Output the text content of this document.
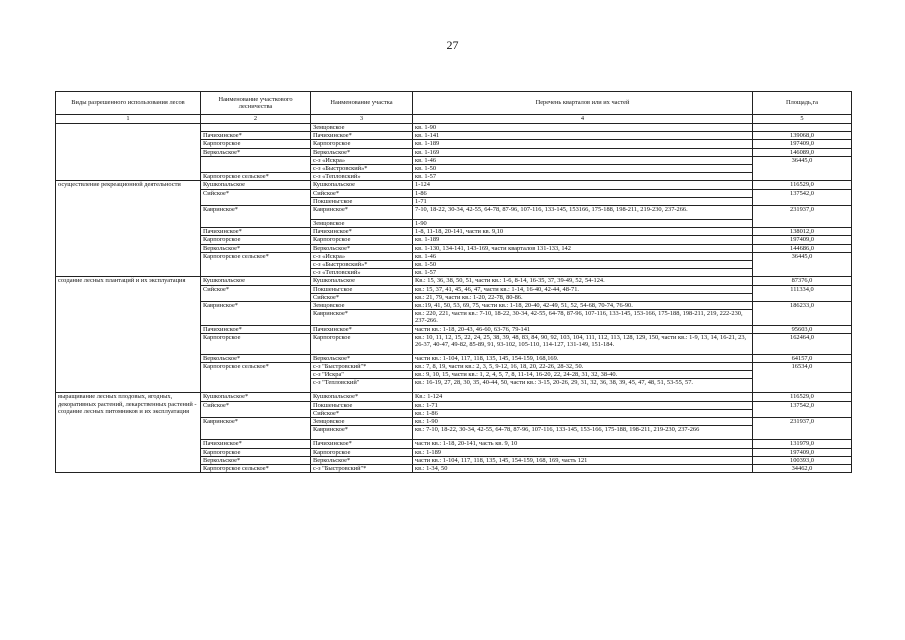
27
Виды разрешенного использования лесов	Наименование участкового лесничества	Наименование участка	Перечень кварталов или их частей	Площадь,га
1	2	3	4	5
		Земцовское	кв. 1-90	
	Пачихинское*	Пачихинское*	кв. 1-141	139068,0
	Карпогорское	Карпогорское	кв. 1-189	197409,0
	Веркольское*	Веркольское*	кв. 1-169	146089,0
		с-з «Искра»	кв. 1-46	36445,0
		с-з «Быстровский»*	кв. 1-50	
	Карпогорское сельское*	с-з «Тепловский»	кв. 1-57	
осуществление рекреационной деятельности	Кушкопальское	Кушкопальское	1-124	116529,0
	Сийское*	Сийское*	1-86	137542,0
		Покшеньгское	1-71	
	Кавринское*	Кавринское*	7-10, 18-22, 30-34, 42-55, 64-78, 87-96, 107-116, 133-145, 153166, 175-188, 198-211, 219-230, 237-266.	231937,0
		Земцовское	1-90	
	Пачихинское*	Пачихинское*	1-8, 11-18, 20-141, части кв. 9,10	138012,0
	Карпогорское	Карпогорское	кв. 1-189	197409,0
	Веркольское*	Веркольское*	кв. 1-130, 134-141, 143-169, части кварталов 131-133, 142	144686,0
	Карпогорское сельское*	с-з «Искра»	кв. 1-46	36445,0
		с-з «Быстровский»*	кв. 1-50	
		с-з «Тепловский»	кв. 1-57	
создание лесных плантаций и их эксплуатация	Кушкопальское	Кушкопальское	Кв.: 15, 36, 38, 50, 51, части кв.: 1-6, 8-14, 16-35, 37, 39-49, 52, 54-124.	87376,0
	Сийское*	Покшеньгское	кв.: 15, 37, 41, 45, 46, 47, части кв.: 1-14, 16-40, 42-44, 48-71.	111334,0
		Сийское*	кв.: 21, 79, части кв.: 1-20, 22-78, 80-86.	
	Кавринское*	Земцовское	кв.:19, 41, 50, 53, 69, 75, части кв.: 1-18, 20-40, 42-49, 51, 52, 54-68, 70-74, 76-90.	186233,0
		Кавринское*	кв.: 220, 221, части кв.: 7-10, 18-22, 30-34, 42-55, 64-78, 87-96, 107-116, 133-145, 153-166, 175-188, 198-211, 219, 222-230, 237-266.	
	Пачихинское*	Пачихинское*	части кв.: 1-18, 20-43, 46-60, 63-76, 79-141	95603,0
	Карпогорское	Карпогорское	кв.: 10, 11, 12, 15, 22, 24, 25, 38, 39, 48, 83, 84, 90, 92, 103, 104, 111, 112, 113, 128, 129, 150, части кв.: 1-9, 13, 14, 16-21, 23, 26-37, 40-47, 49-82, 85-89, 91, 93-102, 105-110, 114-127, 131-149, 151-184.	162464,0
	Веркольское*	Веркольское*	части кв.: 1-104, 117, 118, 135, 145, 154-159, 168,169.	64157,0
	Карпогорское сельское*	с-з "Быстровский"*	кв.: 7, 8, 19, части кв.: 2, 3, 5, 9-12, 16, 18, 20, 22-26, 28-32, 50.	16534,0
		с-з "Искра"	кв.: 9, 10, 15, части кв.: 1, 2, 4, 5, 7, 8, 11-14, 16-20, 22, 24-28, 31, 32, 38-40.	
		с-з "Тепловский"	кв.: 16-19, 27, 28, 30, 35, 40-44, 50, части кв.: 3-15, 20-26, 29, 31, 32, 36, 38, 39, 45, 47, 48, 51, 53-55, 57.	
выращивание лесных плодовых, ягодных, декоративных растений, лекарственных растений - создание лесных питомников и их эксплуатация	Кушкопальское*	Кушкопальское*	Кв.: 1-124	116529,0
	Сийское*	Покшеньгское	кв.: 1-71	137542,0
		Сийское*	кв.: 1-86	
	Кавринское*	Земцовское	кв.: 1-90	231937,0
		Кавринское*	кв.: 7-10, 18-22, 30-34, 42-55, 64-78, 87-96, 107-116, 133-145, 153-166, 175-188, 198-211, 219-230, 237-266	
	Пачихинское*	Пачихинское*	части кв.: 1-18, 20-141, часть кв. 9, 10	131979,0
	Карпогорское	Карпогорское	кв.: 1-189	197409,0
	Веркольское*	Веркольское*	части кв.: 1-104, 117, 118, 135, 145, 154-159, 168, 169, часть 121	100393,0
	Карпогорское сельское*	с-з "Быстровский"*	кв.: 1-34, 50	34462,0
